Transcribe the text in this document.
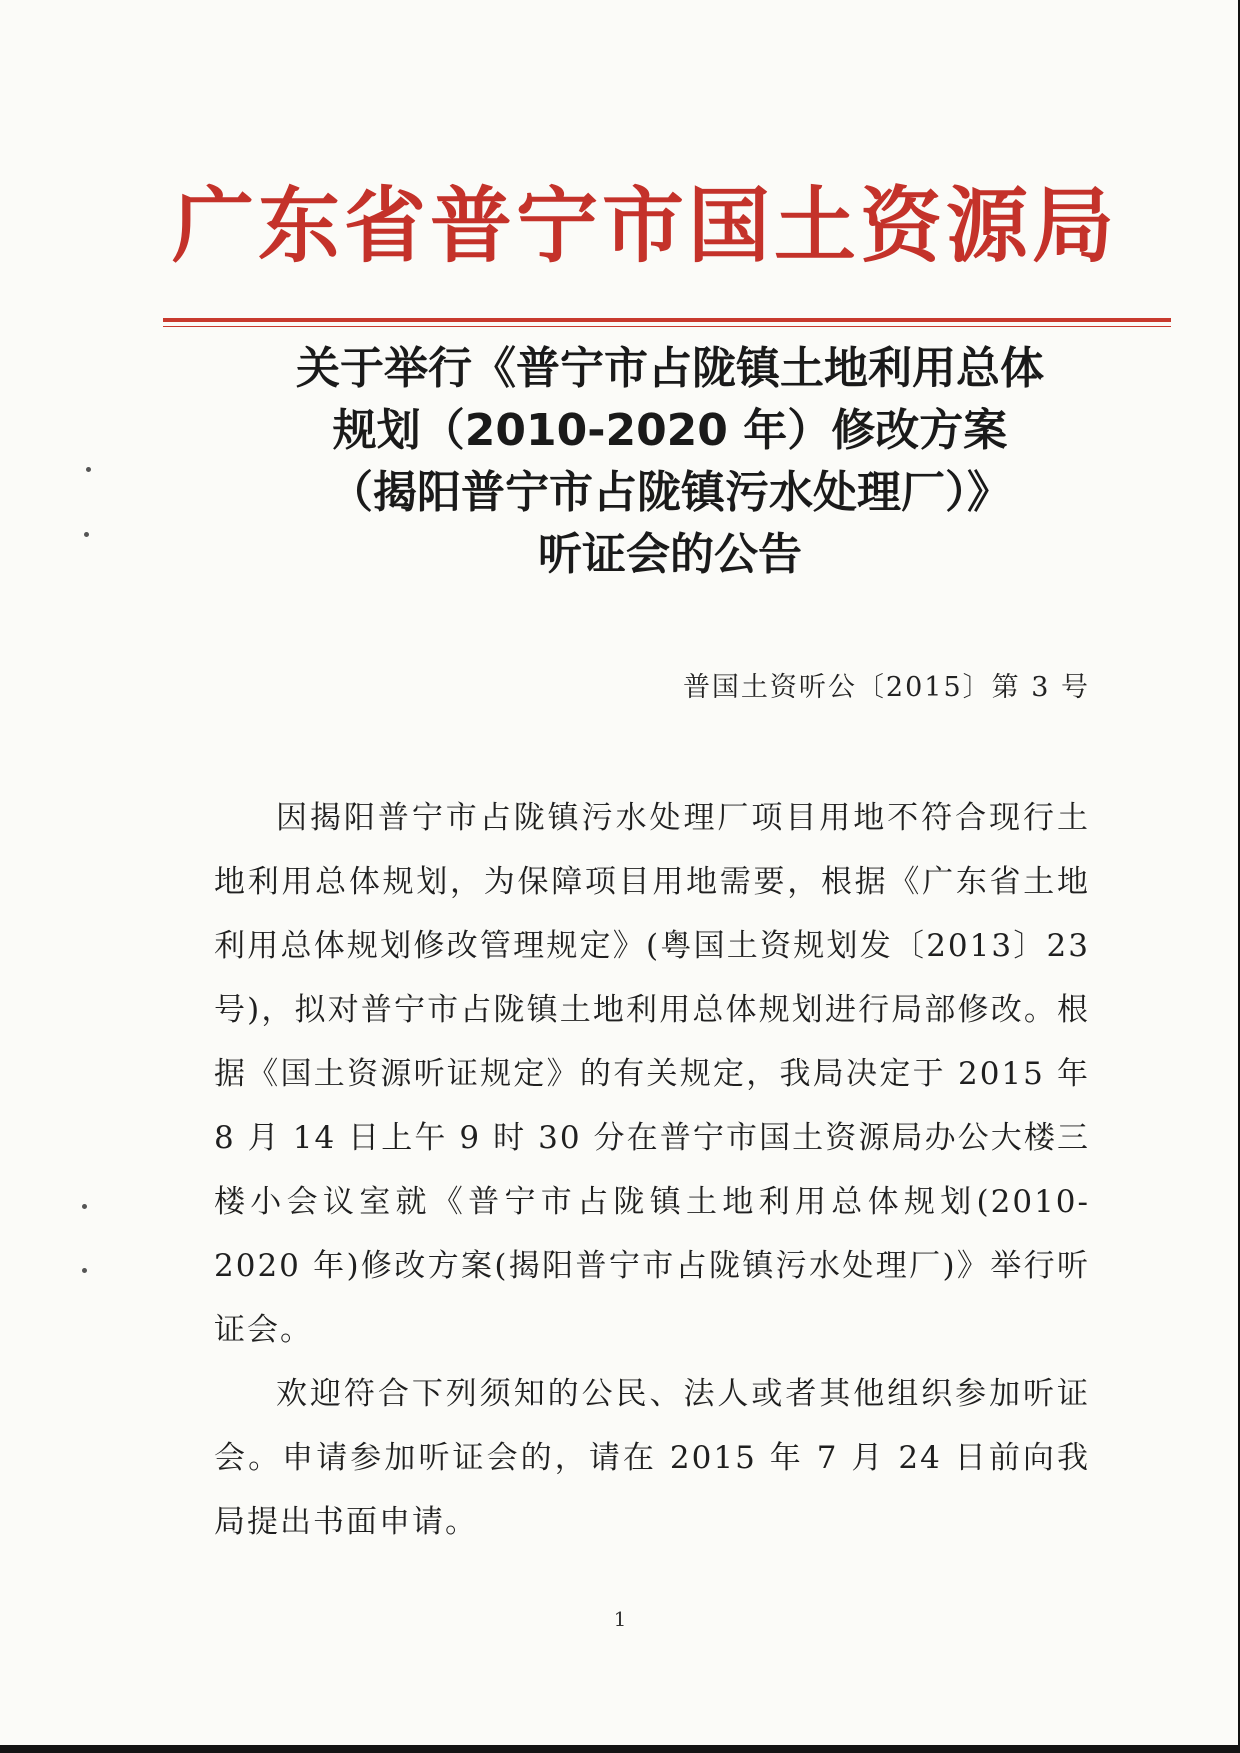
广东省普宁市国土资源局
关于举行《普宁市占陇镇土地利用总体
规划（2010-2020 年）修改方案
（揭阳普宁市占陇镇污水处理厂）》
听证会的公告
普国土资听公〔2015〕第 3 号

因揭阳普宁市占陇镇污水处理厂项目用地不符合现行土地利用总体规划，为保障项目用地需要，根据《广东省土地利用总体规划修改管理规定》(粤国土资规划发〔2013〕23 号)，拟对普宁市占陇镇土地利用总体规划进行局部修改。根据《国土资源听证规定》的有关规定，我局决定于 2015 年 8 月 14 日上午 9 时 30 分在普宁市国土资源局办公大楼三楼小会议室就《普宁市占陇镇土地利用总体规划(2010-2020 年)修改方案(揭阳普宁市占陇镇污水处理厂)》举行听证会。

欢迎符合下列须知的公民、法人或者其他组织参加听证会。申请参加听证会的，请在 2015 年 7 月 24 日前向我局提出书面申请。

1
